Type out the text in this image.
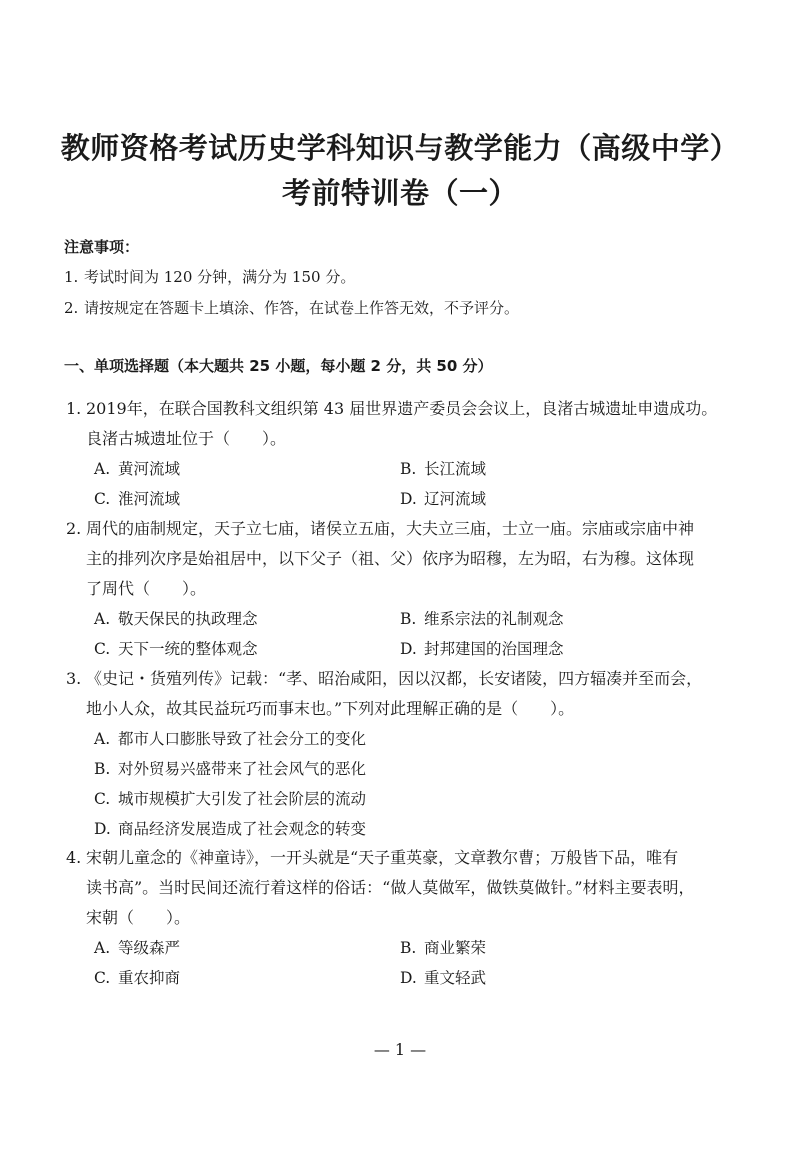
教师资格考试历史学科知识与教学能力（高级中学）
考前特训卷（一）
注意事项：
1. 考试时间为 120 分钟，满分为 150 分。
2. 请按规定在答题卡上填涂、作答，在试卷上作答无效，不予评分。
一、单项选择题（本大题共 25 小题，每小题 2 分，共 50 分）
1. 2019年，在联合国教科文组织第 43 届世界遗产委员会会议上，良渚古城遗址申遗成功。
良渚古城遗址位于（　　）。
A. 黄河流域	B. 长江流域
C. 淮河流域	D. 辽河流域
2. 周代的庙制规定，天子立七庙，诸侯立五庙，大夫立三庙，士立一庙。宗庙或宗庙中神
主的排列次序是始祖居中，以下父子（祖、父）依序为昭穆，左为昭，右为穆。这体现
了周代（　　）。
A. 敬天保民的执政理念	B. 维系宗法的礼制观念
C. 天下一统的整体观念	D. 封邦建国的治国理念
3. 《史记・货殖列传》记载：“孝、昭治咸阳，因以汉都，长安诸陵，四方辐凑并至而会，
地小人众，故其民益玩巧而事末也。”下列对此理解正确的是（　　）。
A. 都市人口膨胀导致了社会分工的变化
B. 对外贸易兴盛带来了社会风气的恶化
C. 城市规模扩大引发了社会阶层的流动
D. 商品经济发展造成了社会观念的转变
4. 宋朝儿童念的《神童诗》，一开头就是“天子重英豪，文章教尔曹；万般皆下品，唯有
读书高”。当时民间还流行着这样的俗话：“做人莫做军，做铁莫做针。”材料主要表明，
宋朝（　　）。
A. 等级森严	B. 商业繁荣
C. 重农抑商	D. 重文轻武
— 1 —
